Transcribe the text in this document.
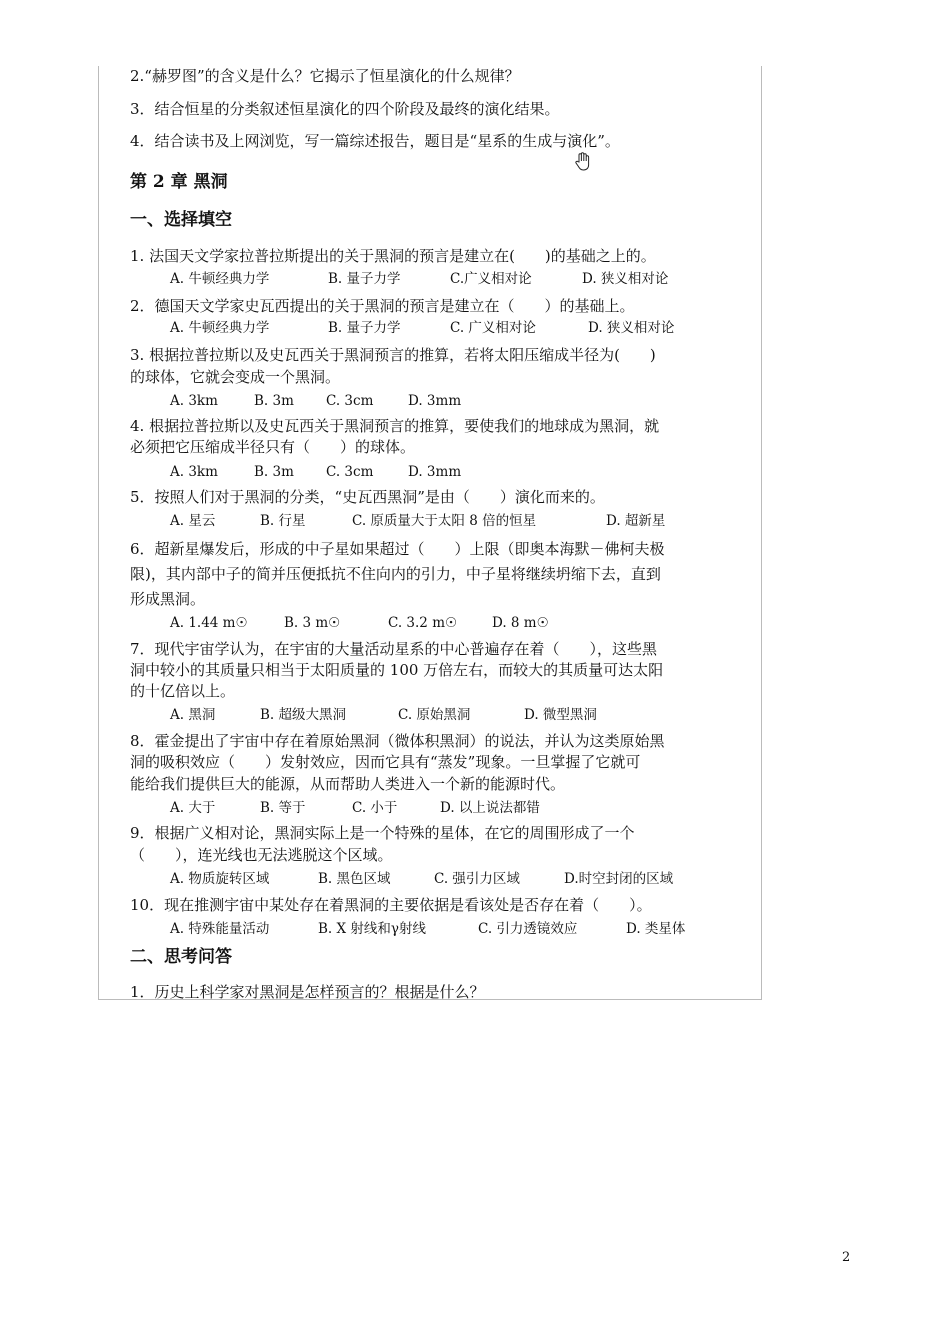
2.“赫罗图”的含义是什么？它揭示了恒星演化的什么规律？
3．结合恒星的分类叙述恒星演化的四个阶段及最终的演化结果。
4．结合读书及上网浏览，写一篇综述报告，题目是“星系的生成与演化”。
第 2 章 黑洞
一、选择填空
1. 法国天文学家拉普拉斯提出的关于黑洞的预言是建立在(　　)的基础之上的。
A. 牛顿经典力学	B. 量子力学	C.广义相对论	D. 狭义相对论
2．德国天文学家史瓦西提出的关于黑洞的预言是建立在（　　）的基础上。
A. 牛顿经典力学	B. 量子力学	C. 广义相对论	D. 狭义相对论
3. 根据拉普拉斯以及史瓦西关于黑洞预言的推算，若将太阳压缩成半径为(　　)
的球体，它就会变成一个黑洞。
A. 3km	B. 3m C. 3cm	D. 3mm
4. 根据拉普拉斯以及史瓦西关于黑洞预言的推算，要使我们的地球成为黑洞，就
必须把它压缩成半径只有（　　）的球体。
A. 3km	B. 3m C. 3cm	D. 3mm
5．按照人们对于黑洞的分类，“史瓦西黑洞”是由（　　）演化而来的。
A. 星云	B. 行星	C. 原质量大于太阳 8 倍的恒星	D. 超新星
6．超新星爆发后，形成的中子星如果超过（　　）上限（即奥本海默－佛柯夫极
限)，其内部中子的简并压便抵抗不住向内的引力，中子星将继续坍缩下去，直到
形成黑洞。
A. 1.44 m☉	B. 3 m☉	C. 3.2 m☉	D. 8 m☉
7．现代宇宙学认为，在宇宙的大量活动星系的中心普遍存在着（　　），这些黑
洞中较小的其质量只相当于太阳质量的 100 万倍左右，而较大的其质量可达太阳
的十亿倍以上。
A. 黑洞	B. 超级大黑洞	C. 原始黑洞	D. 微型黑洞
8．霍金提出了宇宙中存在着原始黑洞（微体积黑洞）的说法，并认为这类原始黑
洞的吸积效应（　　）发射效应，因而它具有“蒸发”现象。一旦掌握了它就可
能给我们提供巨大的能源，从而帮助人类进入一个新的能源时代。
A. 大于	B. 等于	C. 小于	D. 以上说法都错
9．根据广义相对论，黑洞实际上是一个特殊的星体，在它的周围形成了一个
（　　），连光线也无法逃脱这个区域。
A. 物质旋转区域	B. 黑色区域	C. 强引力区域	D.时空封闭的区域
10．现在推测宇宙中某处存在着黑洞的主要依据是看该处是否存在着（　　）。
A. 特殊能量活动	B. X 射线和γ射线	C. 引力透镜效应	D. 类星体
二、思考问答
1．历史上科学家对黑洞是怎样预言的？根据是什么？
2
